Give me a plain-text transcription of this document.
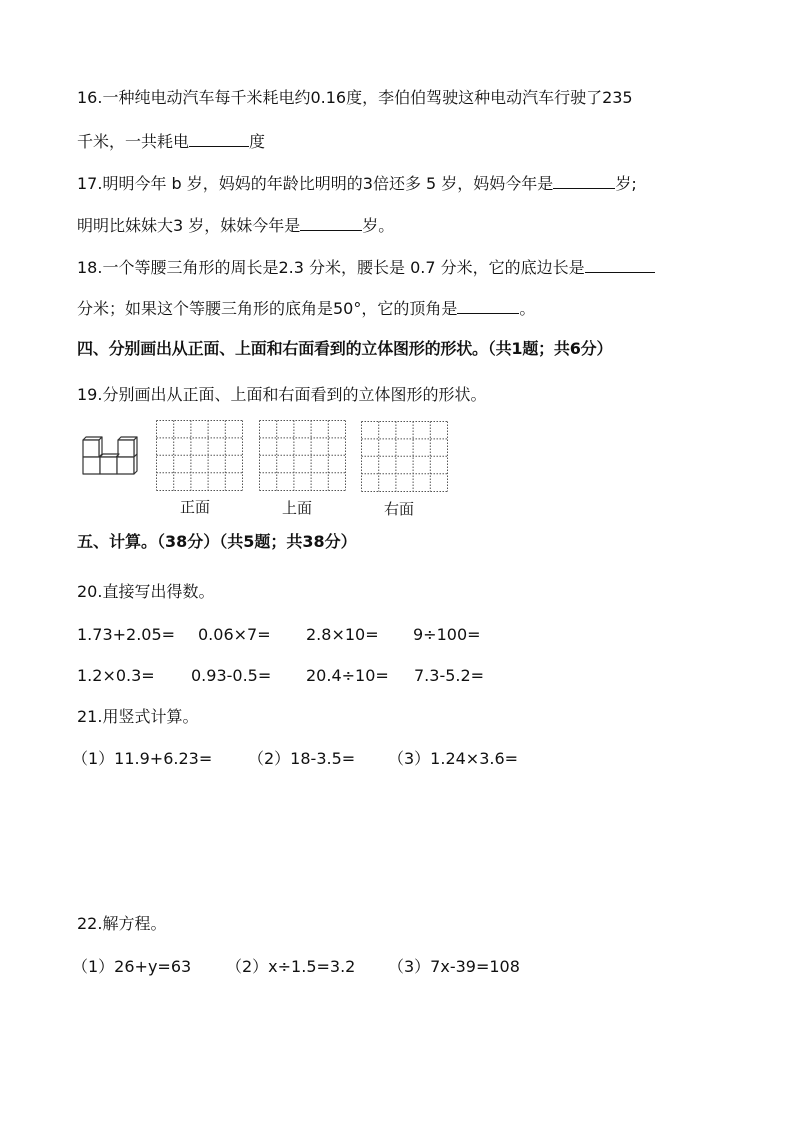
16.一种纯电动汽车每千米耗电约0.16度，李伯伯驾驶这种电动汽车行驶了235
千米，一共耗电	度
17.明明今年 b 岁，妈妈的年龄比明明的3倍还多 5 岁，妈妈今年是	岁;
明明比妹妹大3 岁，妹妹今年是	岁。
18.一个等腰三角形的周长是2.3 分米，腰长是 0.7 分米，它的底边长是
分米；如果这个等腰三角形的底角是50°，它的顶角是	。
四、分别画出从正面、上面和右面看到的立体图形的形状。（共1题；共6分）
19.分别画出从正面、上面和右面看到的立体图形的形状。
正面	上面	右面
五、计算。（38分）（共5题；共38分）
20.直接写出得数。
1.73+2.05= 0.06×7= 2.8×10= 9÷100=
1.2×0.3= 0.93-0.5= 20.4÷10= 7.3-5.2=
21.用竖式计算。
（1）11.9+6.23= （2）18-3.5= （3）1.24×3.6=
22.解方程。
（1）26+y=63 （2）x÷1.5=3.2 （3）7x-39=108
